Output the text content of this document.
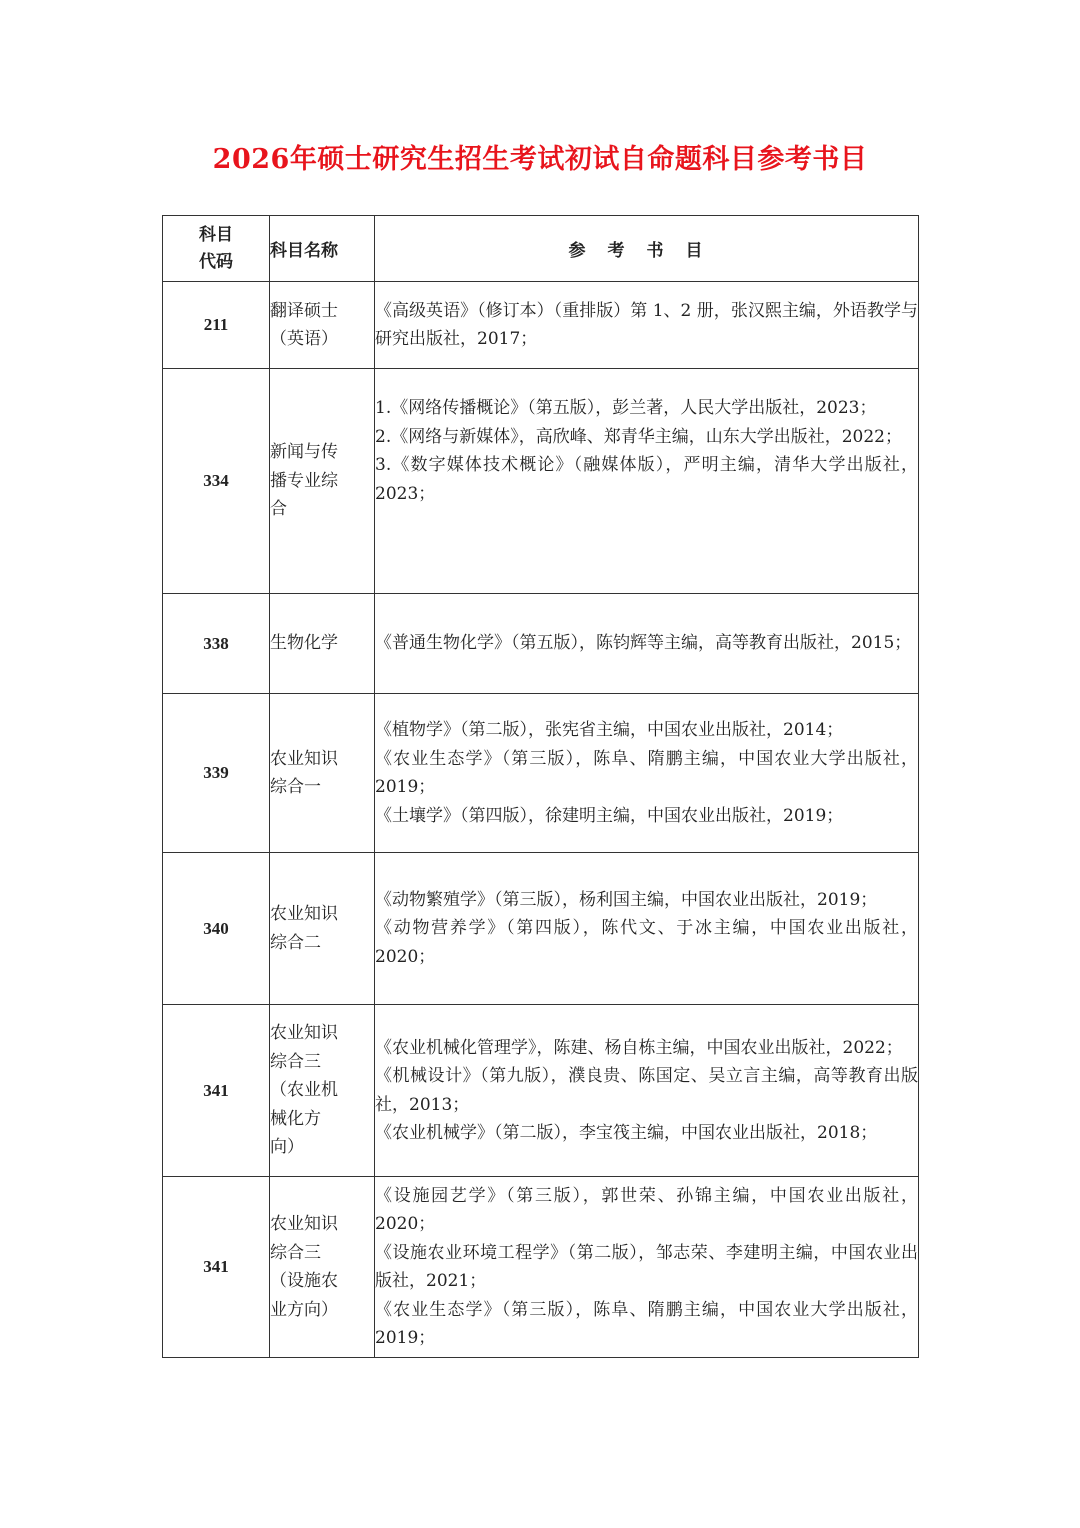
2026年硕士研究生招生考试初试自命题科目参考书目
科目
代码	科目名称	参考书目
211	翻译硕士
（英语）	《高级英语》（修订本）（重排版）第 1、2 册，张汉熙主编，外语教学与研究出版社，2017；

334	新闻与传
播专业综
合	1.《网络传播概论》（第五版），彭兰著，人民大学出版社，2023；
2.《网络与新媒体》，高欣峰、郑青华主编，山东大学出版社，2022；
3.《数字媒体技术概论》（融媒体版），严明主编，清华大学出版社，2023；

338	生物化学	《普通生物化学》（第五版），陈钧辉等主编，高等教育出版社，2015；

339	农业知识
综合一	《植物学》（第二版），张宪省主编，中国农业出版社，2014；
《农业生态学》（第三版），陈阜、隋鹏主编，中国农业大学出版社，2019；
《土壤学》（第四版），徐建明主编，中国农业出版社，2019；

340	农业知识
综合二	《动物繁殖学》（第三版），杨利国主编，中国农业出版社，2019；
《动物营养学》（第四版），陈代文、于冰主编，中国农业出版社，2020；

341	农业知识
综合三
（农业机
械化方
向）	《农业机械化管理学》，陈建、杨自栋主编，中国农业出版社，2022；
《机械设计》（第九版），濮良贵、陈国定、吴立言主编，高等教育出版社，2013；
《农业机械学》（第二版），李宝筏主编，中国农业出版社，2018；

341	农业知识
综合三
（设施农
业方向）	《设施园艺学》（第三版），郭世荣、孙锦主编，中国农业出版社，2020；
《设施农业环境工程学》（第二版），邹志荣、李建明主编，中国农业出版社，2021；
《农业生态学》（第三版），陈阜、隋鹏主编，中国农业大学出版社，2019；
